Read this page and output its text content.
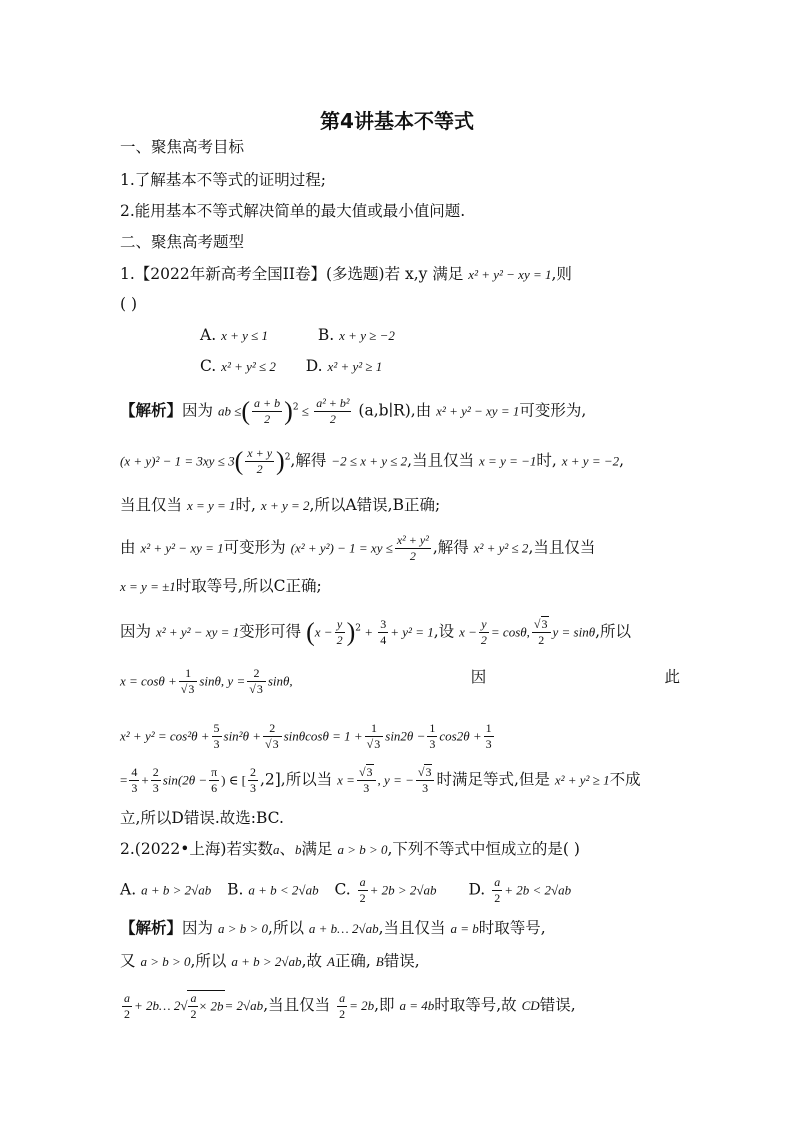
第4讲基本不等式
一、聚焦高考目标
1.了解基本不等式的证明过程;
2.能用基本不等式解决简单的最大值或最小值问题.
二、聚焦高考题型
1.【2022年新高考全国II卷】(多选题)若 x,y 满足 x² + y² − xy = 1,则
( )
A. x + y ≤ 1	B. x + y ≥ −2
C. x² + y² ≤ 2 D. x² + y² ≥ 1
【解析】因为 ab ≤( $\frac{a + b}{2} )^2 \le \frac{\text{a² + b²}}{2}$ (a,b∣R),由 x² + y² − xy = 1可变形为,
$(x + y)^2 - 1 = 3xy \le 3( \frac{x + y}{2} )^2$,解得 −2 ≤ x + y ≤ 2,当且仅当 x = y = −1时, x + y = −2,
当且仅当 x = y = 1时, x + y = 2,所以A错误,B正确;
由 x² + y² − xy = 1可变形为 (x² + y²) − 1 = xy ≤ $\frac{\text{x² + y²}}{2}$ ,解得 x² + y² ≤ 2,当且仅当
x = y = ±1时取等号,所以C正确;
因为 x² + y² − xy = 1变形可得 $(x - \frac{y}{2} )^2 + \frac{3}{4} + y^2 = 1$,设 $x - \frac{y}{2} = \cos\theta$, $\frac{√3}{2}$ y = sinθ,所以
$x = \cos\theta + \frac{1}{√3} \sin\theta$, $y = \frac{2}{√3} \sin\theta$,	因	此
$x^2 + y^2 = \cos^2\theta + \frac{5}{3} \sin^2\theta + \frac{2}{√3}$ $\sin\theta\cos\theta = 1 + \frac{1}{√3} \sin 2\theta - \frac{1}{3} \cos 2\theta + \frac{1}{3}$
= $\frac{4}{3} + \frac{2}{3} \sin(2\theta - \frac{\pi}{6}$ ) ∈ [ $\frac{2}{3} ,2$],所以当 $x = \frac{√3}{3}$ , y = − $\frac{√3}{3}$ 时满足等式,但是 x² + y² ≥ 1不成
立,所以D错误.故选:BC.
2.(2022•上海)若实数a、b满足 a > b > 0,下列不等式中恒成立的是( )
A. a + b > 2√ab B. a + b < 2√ab C. $\frac{a}{2} + 2b > 2√ab$ D. $\frac{a}{2} + 2b < 2√ab$
【解析】因为 a > b > 0,所以 a + b… 2√ab,当且仅当 a = b时取等号,
又 a > b > 0,所以 a + b > 2√ab,故 A正确, B错误,
$\frac{a}{2}$ + 2b… $2√ \frac{a}{2} \times 2b= 2√ab$,当且仅当 $\frac{a}{2} = 2b$,即 a = 4b时取等号,故 CD错误,
